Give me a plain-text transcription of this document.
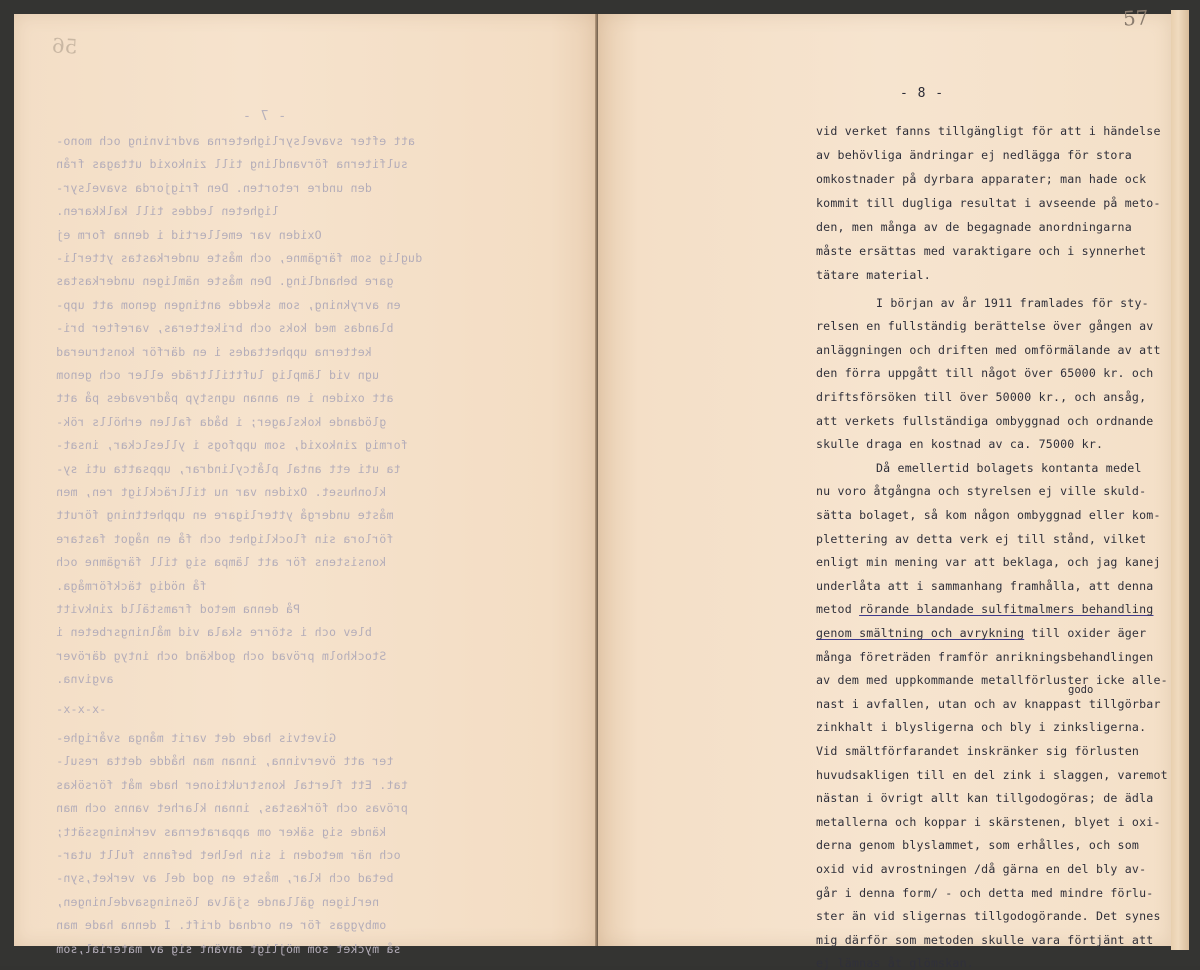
56
- 7 -
att efter svavelsyrligheterna avdrivning och mono-
sulfiterna förvandling till zinkoxid uttagas från
den undre retorten. Den frigjorda svavelsyr-
ligheten leddes till kalkkaren.
Oxiden var emellertid i denna form ej
duglig som färgämne, och måste underkastas ytterli-
gare behandling. Den måste nämligen underkastas
en avrykning, som skedde antingen genom att upp-
blandas med koks och briketteras, varefter bri-
ketterna upphettades i en därför konstruerad
ugn vid lämplig lufttillträde eller och genom
att oxiden i en annan ugnstyp pådrevades på att
glödande kokslager; i båda fallen erhölls rök-
formig zinkoxid, som uppfogs i ylleslckar, insat-
ta uti ett antal plåtcylindrar, uppsatta uti sy-
klonhuset. Oxiden var nu tillräckligt ren, men
måste undergå ytterligare en upphettning förutt
förlora sin flocklighet och få en något fastare
konsistens för att lämpa sig till färgämne och
få nödig täckförmåga.
På denna metod framställd zinkvitt
blev och i större skala vid målningsrbeten i
Stockholm prövad och godkänd och intyg däröver
avgivna.
-x-x-x-
Givetvis hade det varit många svårighe-
ter att övervinna, innan man hådde detta resul-
tat. Ett flertal konstruktioner hade måt försökas
prövas och förkastas, innan klarhet vanns och man
kände sig säker om apparaternas verkningssätt;
och när metoden i sin helhet befanns fullt utar-
betad och klar, måste en god del av verket,syn-
nerligen gällande själva lösningsavdelningen,
ombyggas för en ordnad drift. I denna hade man
så mycket som möjligt använt sig av material,som
- 8 -
godo
vid verket fanns tillgängligt för att i händelse
av behövliga ändringar ej nedlägga för stora
omkostnader på dyrbara apparater; man hade ock
kommit till dugliga resultat i avseende på meto-
den, men många av de begagnade anordningarna
måste ersättas med varaktigare och i synnerhet
tätare material.
I början av år 1911 framlades för sty-
relsen en fullständig berättelse över gången av
anläggningen och driften med omförmälande av att
den förra uppgått till något över 65000 kr. och
driftsförsöken till över 50000 kr., och ansåg,
att verkets fullständiga ombyggnad och ordnande
skulle draga en kostnad av ca. 75000 kr.
Då emellertid bolagets kontanta medel
nu voro åtgångna och styrelsen ej ville skuld-
sätta bolaget, så kom någon ombyggnad eller kom-
plettering av detta verk ej till stånd, vilket
enligt min mening var att beklaga, och jag kanej
underlåta att i sammanhang framhålla, att denna
metod rörande blandade sulfitmalmers behandling
genom smältning och avrykning till oxider äger
många företräden framför anrikningsbehandlingen
av dem med uppkommande metallförluster icke alle-
nast i avfallen, utan och av knappast tillgörbar
zinkhalt i blysligerna och bly i zinksligerna.
Vid smältförfarandet inskränker sig förlusten
huvudsakligen till en del zink i slaggen, varemot
nästan i övrigt allt kan tillgodogöras; de ädla
metallerna och koppar i skärstenen, blyet i oxi-
derna genom blyslammet, som erhålles, och som
oxid vid avrostningen /då gärna en del bly av-
går i denna form/ - och detta med mindre förlu-
ster än vid sligernas tillgodogörande. Det synes
mig därför som metoden skulle vara förtjänt att
ej lämnas åt glömskan.
57
